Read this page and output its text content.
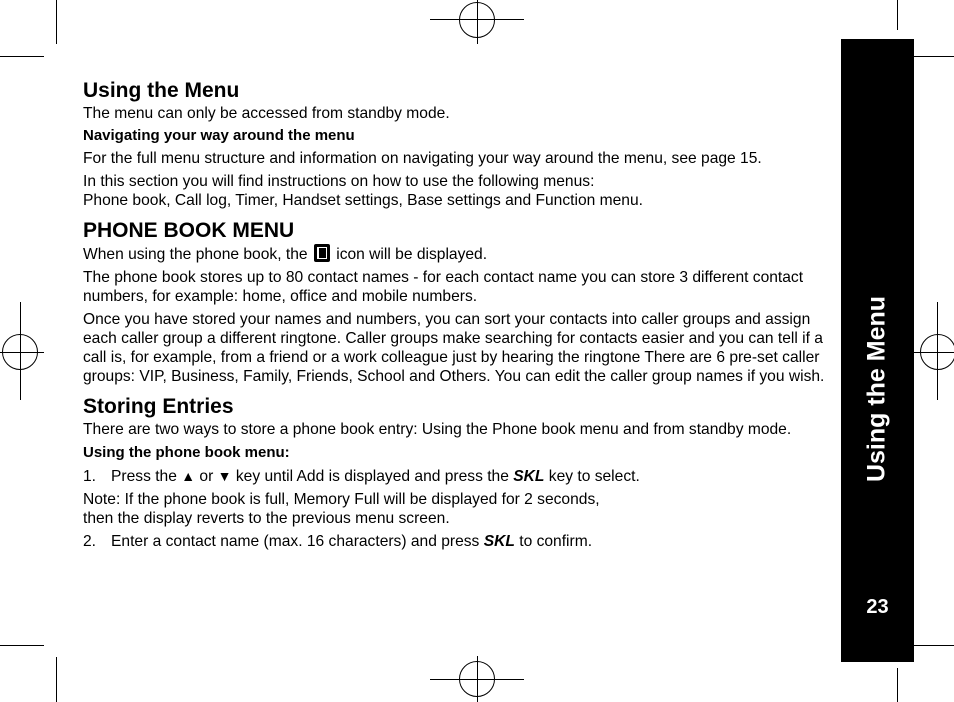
Using the Menu
23
Using the Menu

The menu can only be accessed from standby mode.

Navigating your way around the menu

For the full menu structure and information on navigating your way around the menu, see page 15.

In this section you will find instructions on how to use the following menus:
Phone book, Call log, Timer, Handset settings, Base settings and Function menu.

PHONE BOOK MENU

When using the phone book, the icon will be displayed.

The phone book stores up to 80 contact names - for each contact name you can store 3 different contact numbers, for example: home, office and mobile numbers.

Once you have stored your names and numbers, you can sort your contacts into caller groups and assign each caller group a different ringtone. Caller groups make searching for contacts easier and you can tell if a call is, for example, from a friend or a work colleague just by hearing the ringtone There are 6 pre-set caller groups: VIP, Business, Family, Friends, School and Others. You can edit the caller group names if you wish.

Storing Entries

There are two ways to store a phone book entry: Using the Phone book menu and from standby mode.

Using the phone book menu:

1. Press the ▲ or ▼ key until Add is displayed and press the SKL key to select.

Note: If the phone book is full, Memory Full will be displayed for 2 seconds,
then the display reverts to the previous menu screen.

2. Enter a contact name (max. 16 characters) and press SKL to confirm.
